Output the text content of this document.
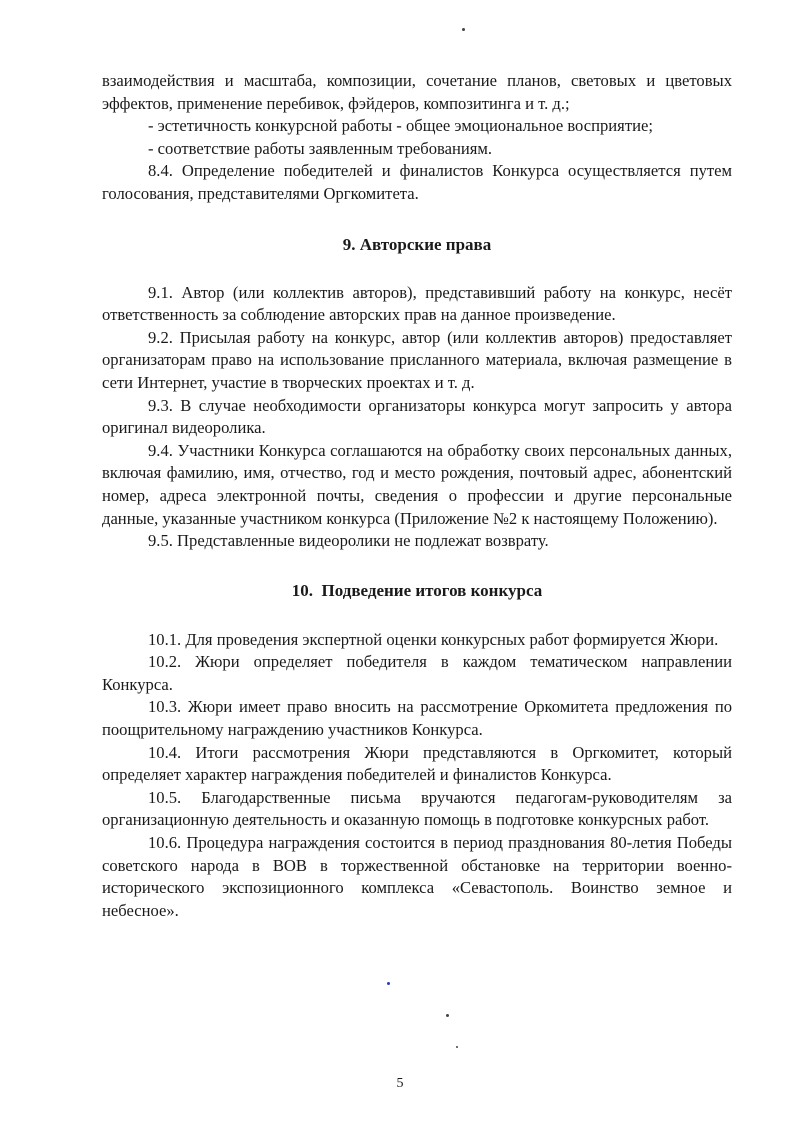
взаимодействия и масштаба, композиции, сочетание планов, световых и цветовых эффектов, применение перебивок, фэйдеров, композитинга и т. д.;

- эстетичность конкурсной работы - общее эмоциональное восприятие;

- соответствие работы заявленным требованиям.

8.4. Определение победителей и финалистов Конкурса осуществляется путем голосования, представителями Оргкомитета.

9. Авторские права

9.1. Автор (или коллектив авторов), представивший работу на конкурс, несёт ответственность за соблюдение авторских прав на данное произведение.

9.2. Присылая работу на конкурс, автор (или коллектив авторов) предоставляет организаторам право на использование присланного материала, включая размещение в сети Интернет, участие в творческих проектах и т. д.

9.3. В случае необходимости организаторы конкурса могут запросить у автора оригинал видеоролика.

9.4. Участники Конкурса соглашаются на обработку своих персональных данных, включая фамилию, имя, отчество, год и место рождения, почтовый адрес, абонентский номер, адреса электронной почты, сведения о профессии и другие персональные данные, указанные участником конкурса (Приложение №2 к настоящему Положению).

9.5. Представленные видеоролики не подлежат возврату.

10.  Подведение итогов конкурса

10.1. Для проведения экспертной оценки конкурсных работ формируется Жюри.

10.2. Жюри определяет победителя в каждом тематическом направлении Конкурса.

10.3. Жюри имеет право вносить на рассмотрение Оркомитета предложения по поощрительному награждению участников Конкурса.

10.4. Итоги рассмотрения Жюри представляются в Оргкомитет, который определяет характер награждения победителей и финалистов Конкурса.

10.5. Благодарственные письма вручаются педагогам-руководителям за организационную деятельность и оказанную помощь в подготовке конкурсных работ.

10.6. Процедура награждения состоится в период празднования 80-летия Победы советского народа в ВОВ в торжественной обстановке на территории военно-исторического экспозиционного комплекса «Севастополь. Воинство земное и небесное».

5
